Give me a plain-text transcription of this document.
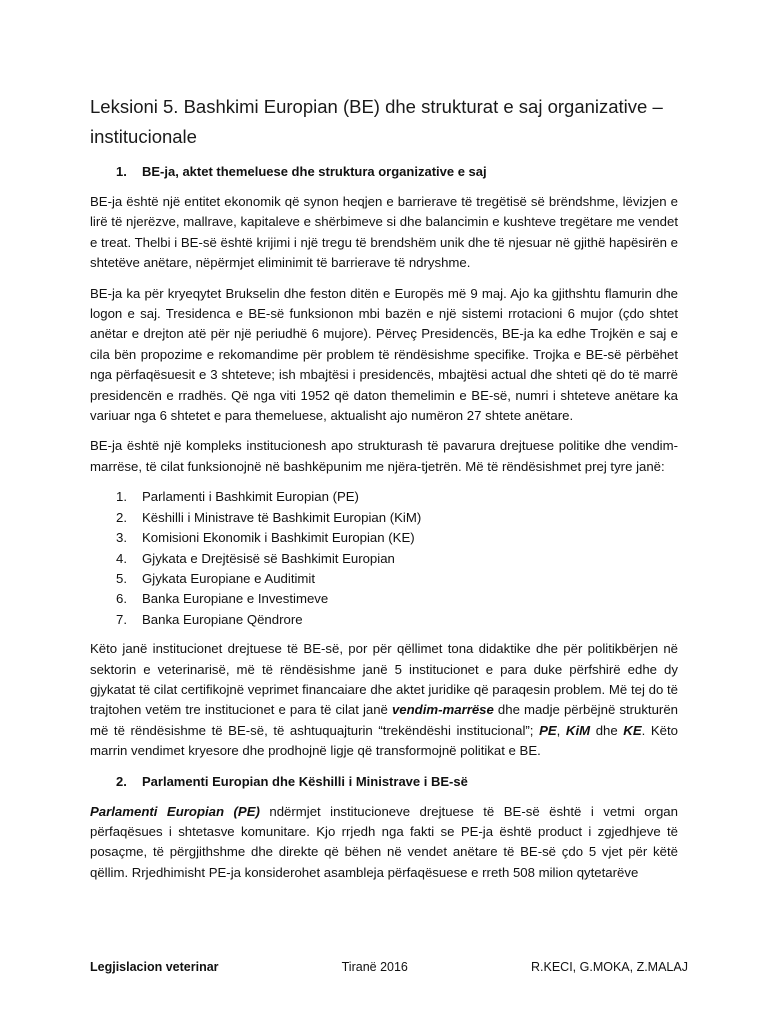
Leksioni 5. Bashkimi Europian (BE) dhe strukturat e saj organizative – institucionale
1.	BE-ja, aktet themeluese dhe struktura organizative e saj

BE-ja është një entitet ekonomik që synon heqjen e barrierave të tregëtisë së brëndshme, lëvizjen e lirë të njerëzve, mallrave, kapitaleve e shërbimeve si dhe balancimin e kushteve tregëtare me vendet e treat. Thelbi i BE-së është krijimi i një tregu të brendshëm unik dhe të njesuar në gjithë hapësirën e shtetëve anëtare, nëpërmjet eliminimit të barrierave të ndryshme.

BE-ja ka për kryeqytet Brukselin dhe feston ditën e Europës më 9 maj. Ajo ka gjithshtu flamurin dhe logon e saj. Tresidenca e BE-së funksionon mbi bazën e një sistemi rrotacioni 6 mujor (çdo shtet anëtar e drejton atë për një periudhë 6 mujore). Përveç Presidencës, BE-ja ka edhe Trojkën e saj e cila bën propozime e rekomandime për problem të rëndësishme specifike. Trojka e BE-së përbëhet nga përfaqësuesit e 3 shteteve; ish mbajtësi i presidencës, mbajtësi actual dhe shteti që do të marrë presidencën e rradhës. Që nga viti 1952 që daton themelimin e BE-së, numri i shteteve anëtare ka variuar nga 6 shtetet e para themeluese, aktualisht ajo numëron 27 shtete anëtare.

BE-ja është një kompleks institucionesh apo strukturash të pavarura drejtuese politike dhe vendim-marrëse, të cilat funksionojnë në bashkëpunim me njëra-tjetrën. Më të rëndësishmet prej tyre janë:

1.	Parlamenti i Bashkimit Europian (PE)
2.	Këshilli i Ministrave të Bashkimit Europian (KiM)
3.	Komisioni Ekonomik i Bashkimit Europian (KE)
4.	Gjykata e Drejtësisë së Bashkimit Europian
5.	Gjykata Europiane e Auditimit
6.	Banka Europiane e Investimeve
7.	Banka Europiane Qëndrore

Këto janë institucionet drejtuese të BE-së, por për qëllimet tona didaktike dhe për politikbërjen në sektorin e veterinarisë, më të rëndësishme janë 5 institucionet e para duke përfshirë edhe dy gjykatat të cilat certifikojnë veprimet financaiare dhe aktet juridike që paraqesin problem. Më tej do të trajtohen vetëm tre institucionet e para të cilat janë vendim-marrëse dhe madje përbëjnë strukturën më të rëndësishme të BE-së, të ashtuquajturin “trekëndëshi institucional”; PE, KiM dhe KE. Këto marrin vendimet kryesore dhe prodhojnë ligje që transformojnë politikat e BE.

2.	Parlamenti Europian dhe Këshilli i Ministrave i BE-së

Parlamenti Europian (PE) ndërmjet institucioneve drejtuese të BE-së është i vetmi organ përfaqësues i shtetasve komunitare. Kjo rrjedh nga fakti se PE-ja është product i zgjedhjeve të posaçme, të përgjithshme dhe direkte që bëhen në vendet anëtare të BE-së çdo 5 vjet për këtë qëllim. Rrjedhimisht PE-ja konsiderohet asambleja përfaqësuese e rreth 508 milion qytetarëve

Legjislacion veterinar	Tiranë 2016	R.KECI, G.MOKA, Z.MALAJ
